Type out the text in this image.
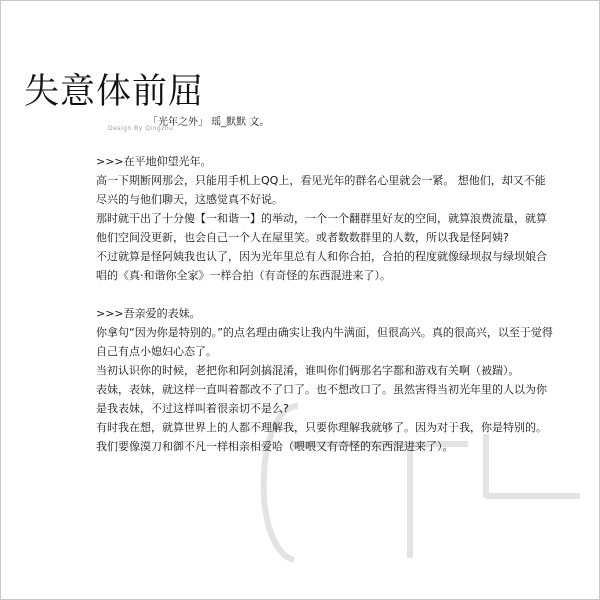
失意体前屈
「光年之外」 瑶_默默 文。
Design By Qingzhu
OTL

>>>在平地仰望光年。

高一下期断网那会，只能用手机上QQ上，看见光年的群名心里就会一紧。 想他们，却又不能尽兴的与他们聊天，这感觉真不好说。

那时就干出了十分傻【一和谐一】的举动，一个一个翻群里好友的空间，就算浪费流量，就算他们空间没更新，也会自己一个人在屋里笑。或者数数群里的人数，所以我是怪阿姨?

不过就算是怪阿姨我也认了，因为光年里总有人和你合拍，合拍的程度就像绿坝叔与绿坝娘合唱的《真·和谐你全家》一样合拍（有奇怪的东西混进来了）。

>>>吾亲爱的表妹。

你拿句“因为你是特别的。”的点名理由确实让我内牛满面，但很高兴。真的很高兴，以至于觉得自己有点小媳妇心态了。

当初认识你的时候，老把你和阿剑搞混淆，谁叫你们俩那名字都和游戏有关啊（被踹）。

表妹，表妹，就这样一直叫着都改不了口了。也不想改口了。虽然害得当初光年里的人以为你是我表妹，不过这样叫着很亲切不是么?

有时我在想，就算世界上的人都不理解我，只要你理解我就够了。因为对于我，你是特别的。

我们要像漠刀和御不凡一样相亲相爱哈（喂喂又有奇怪的东西混进来了）。
